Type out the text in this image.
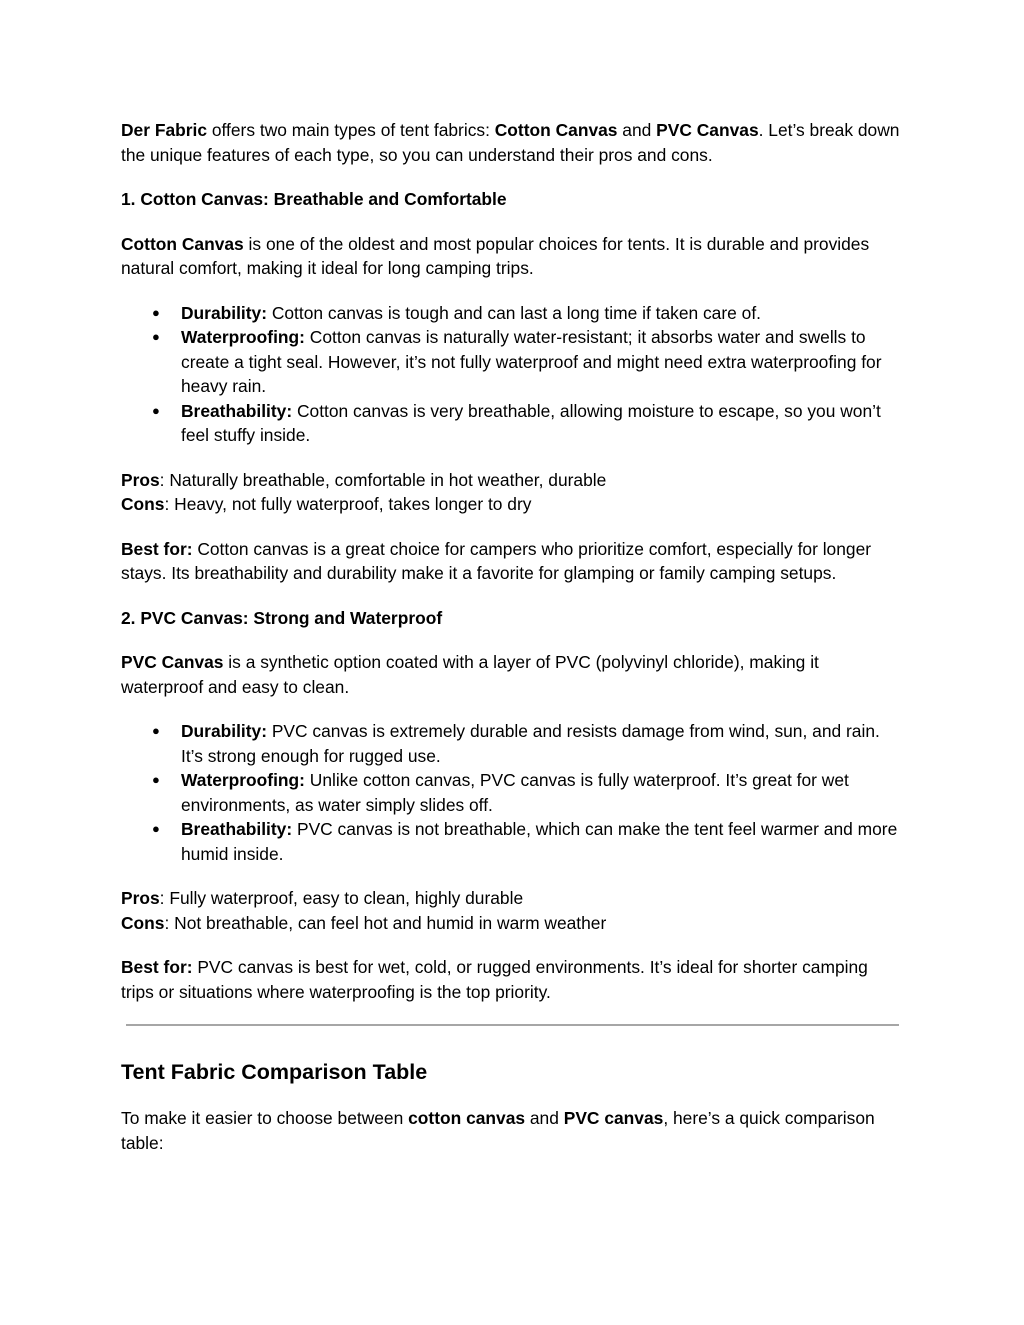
Der Fabric offers two main types of tent fabrics: Cotton Canvas and PVC Canvas. Let’s break down the unique features of each type, so you can understand their pros and cons.

1. Cotton Canvas: Breathable and Comfortable

Cotton Canvas is one of the oldest and most popular choices for tents. It is durable and provides natural comfort, making it ideal for long camping trips.

● Durability: Cotton canvas is tough and can last a long time if taken care of.
● Waterproofing: Cotton canvas is naturally water-resistant; it absorbs water and swells to create a tight seal. However, it’s not fully waterproof and might need extra waterproofing for heavy rain.
● Breathability: Cotton canvas is very breathable, allowing moisture to escape, so you won’t feel stuffy inside.

Pros: Naturally breathable, comfortable in hot weather, durable

Cons: Heavy, not fully waterproof, takes longer to dry

Best for: Cotton canvas is a great choice for campers who prioritize comfort, especially for longer stays. Its breathability and durability make it a favorite for glamping or family camping setups.

2. PVC Canvas: Strong and Waterproof

PVC Canvas is a synthetic option coated with a layer of PVC (polyvinyl chloride), making it waterproof and easy to clean.

● Durability: PVC canvas is extremely durable and resists damage from wind, sun, and rain. It’s strong enough for rugged use.
● Waterproofing: Unlike cotton canvas, PVC canvas is fully waterproof. It’s great for wet environments, as water simply slides off.
● Breathability: PVC canvas is not breathable, which can make the tent feel warmer and more humid inside.

Pros: Fully waterproof, easy to clean, highly durable

Cons: Not breathable, can feel hot and humid in warm weather

Best for: PVC canvas is best for wet, cold, or rugged environments. It’s ideal for shorter camping trips or situations where waterproofing is the top priority.

Tent Fabric Comparison Table

To make it easier to choose between cotton canvas and PVC canvas, here’s a quick comparison table:
